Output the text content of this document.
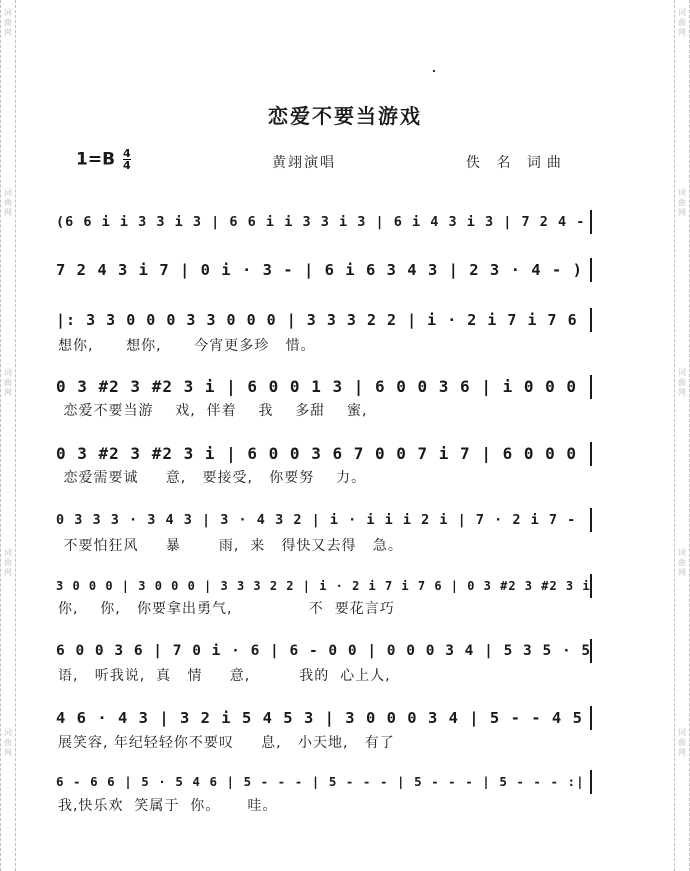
词曲网
词曲网
词曲网
词曲网
词曲网
词曲网
词曲网
词曲网
词曲网
词曲网
恋爱不要当游戏
$1=B \frac{4}{4}$	黄翊演唱	佚 名 词曲
(6 6 i i 3 3 i 3 | 6 6 i i 3 3 i 3 | 6 i 4 3 i 3 | 7 2 4 -
7 2 4 3 i 7 | 0 i · 3 - | 6 i 6 3 4 3 | 2 3 · 4 - )
|: 3 3 0 0 0 3 3 0 0 0 | 3 3 3 2 2 | i · 2 i 7 i 7 6
想你,      想你,      今宵更多珍   惜。
0 3 #2 3 #2 3 i | 6 0 0 1 3 | 6 0 0 3 6 | i 0 0 0
恋爱不要当游    戏,  伴着    我    多甜    蜜,
0 3 #2 3 #2 3 i | 6 0 0 3 6 7 0 0 7 i 7 | 6 0 0 0
恋爱需要诚     意,   要接受,   你要努    力。
0 3 3 3 · 3 4 3 | 3 · 4 3 2 | i · i i i 2 i | 7 · 2 i 7 -
不要怕狂风     暴       雨,  来   得快又去得   急。
3 0 0 0 | 3 0 0 0 | 3 3 3 2 2 | i · 2 i 7 i 7 6 | 0 3 #2 3 #2 3 i
你,    你,   你要拿出勇气,              不  要花言巧
6 0 0 3 6 | 7 0 i · 6 | 6 - 0 0 | 0 0 0 3 4 | 5 3 5 · 5
语,   听我说,  真   情     意,         我的  心上人,
4 6 · 4 3 | 3 2 i 5 4 5 3 | 3 0 0 0 3 4 | 5 - - 4 5
展笑容, 年纪轻轻你不要叹     息,   小天地,   有了
6 - 6 6 | 5 · 5 4 6 | 5 - - - | 5 - - - | 5 - - - | 5 - - - :|
我,快乐欢  笑属于  你。     哇。
